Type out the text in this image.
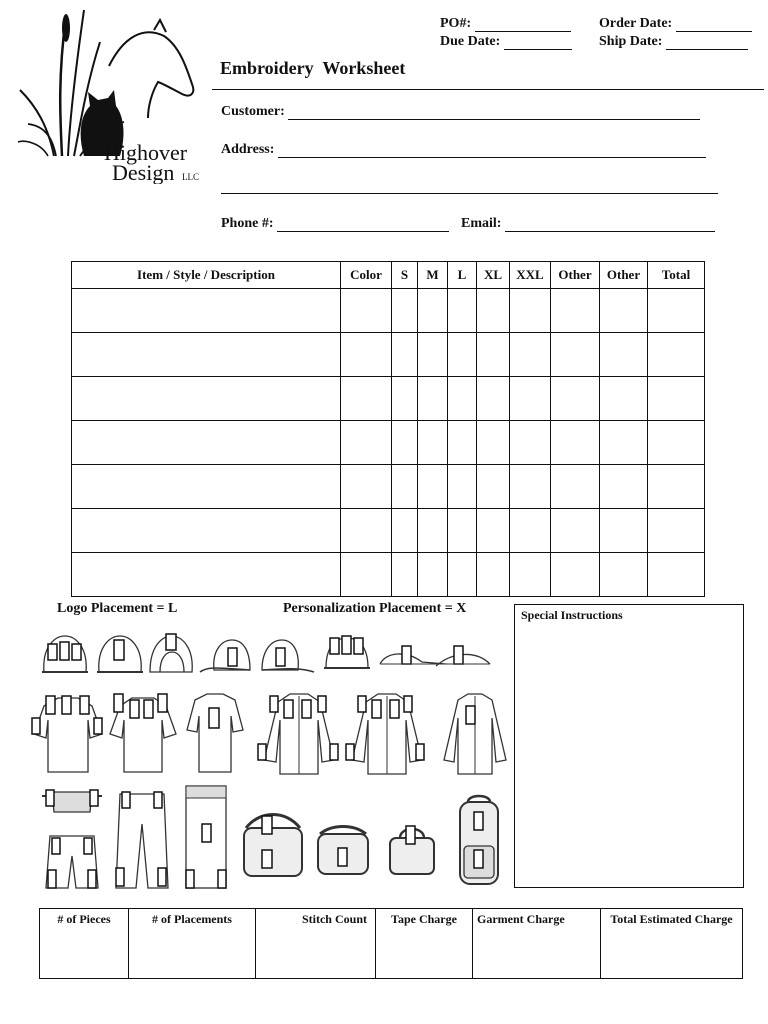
Highover
Design LLC
PO#:	Order Date:
Due Date:	Ship Date:
Embroidery  Worksheet
Customer:
Address:
Phone #:	Email:
Item / Style / Description	Color	S	M	L	XL	XXL	Other	Other	Total

Logo Placement = L	Personalization Placement = X	Special Instructions
# of Pieces	# of Placements	Stitch Count	Tape Charge	Garment Charge	Total Estimated Charge
